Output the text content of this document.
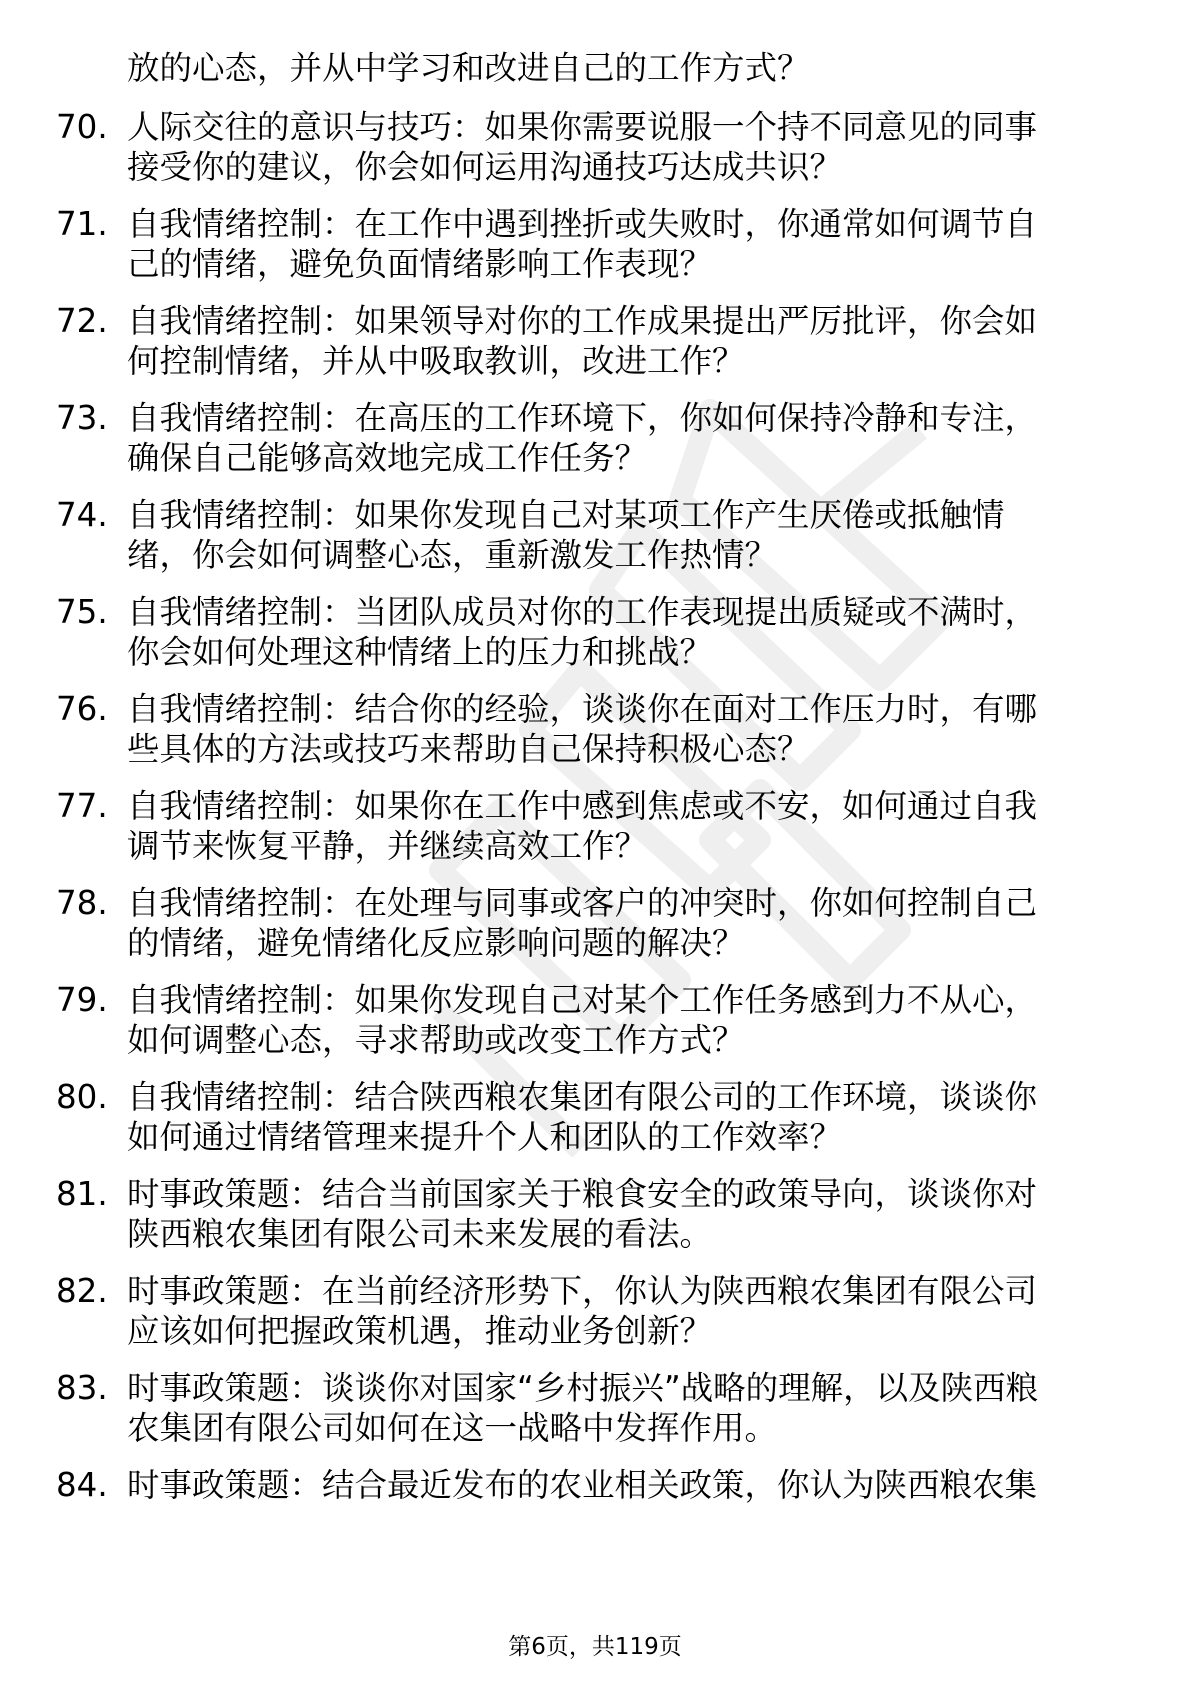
放的心态，并从中学习和改进自己的工作方式？
70. 人际交往的意识与技巧：如果你需要说服一个持不同意见的同事
接受你的建议，你会如何运用沟通技巧达成共识？
71. 自我情绪控制：在工作中遇到挫折或失败时，你通常如何调节自
己的情绪，避免负面情绪影响工作表现？
72. 自我情绪控制：如果领导对你的工作成果提出严厉批评，你会如
何控制情绪，并从中吸取教训，改进工作？
73. 自我情绪控制：在高压的工作环境下，你如何保持冷静和专注，
确保自己能够高效地完成工作任务？
74. 自我情绪控制：如果你发现自己对某项工作产生厌倦或抵触情
绪，你会如何调整心态，重新激发工作热情？
75. 自我情绪控制：当团队成员对你的工作表现提出质疑或不满时，
你会如何处理这种情绪上的压力和挑战？
76. 自我情绪控制：结合你的经验，谈谈你在面对工作压力时，有哪
些具体的方法或技巧来帮助自己保持积极心态？
77. 自我情绪控制：如果你在工作中感到焦虑或不安，如何通过自我
调节来恢复平静，并继续高效工作？
78. 自我情绪控制：在处理与同事或客户的冲突时，你如何控制自己
的情绪，避免情绪化反应影响问题的解决？
79. 自我情绪控制：如果你发现自己对某个工作任务感到力不从心，
如何调整心态，寻求帮助或改变工作方式？
80. 自我情绪控制：结合陕西粮农集团有限公司的工作环境，谈谈你
如何通过情绪管理来提升个人和团队的工作效率？
81. 时事政策题：结合当前国家关于粮食安全的政策导向，谈谈你对
陕西粮农集团有限公司未来发展的看法。
82. 时事政策题：在当前经济形势下，你认为陕西粮农集团有限公司
应该如何把握政策机遇，推动业务创新？
83. 时事政策题：谈谈你对国家“乡村振兴”战略的理解，以及陕西粮
农集团有限公司如何在这一战略中发挥作用。
84. 时事政策题：结合最近发布的农业相关政策，你认为陕西粮农集
第6页，共119页
